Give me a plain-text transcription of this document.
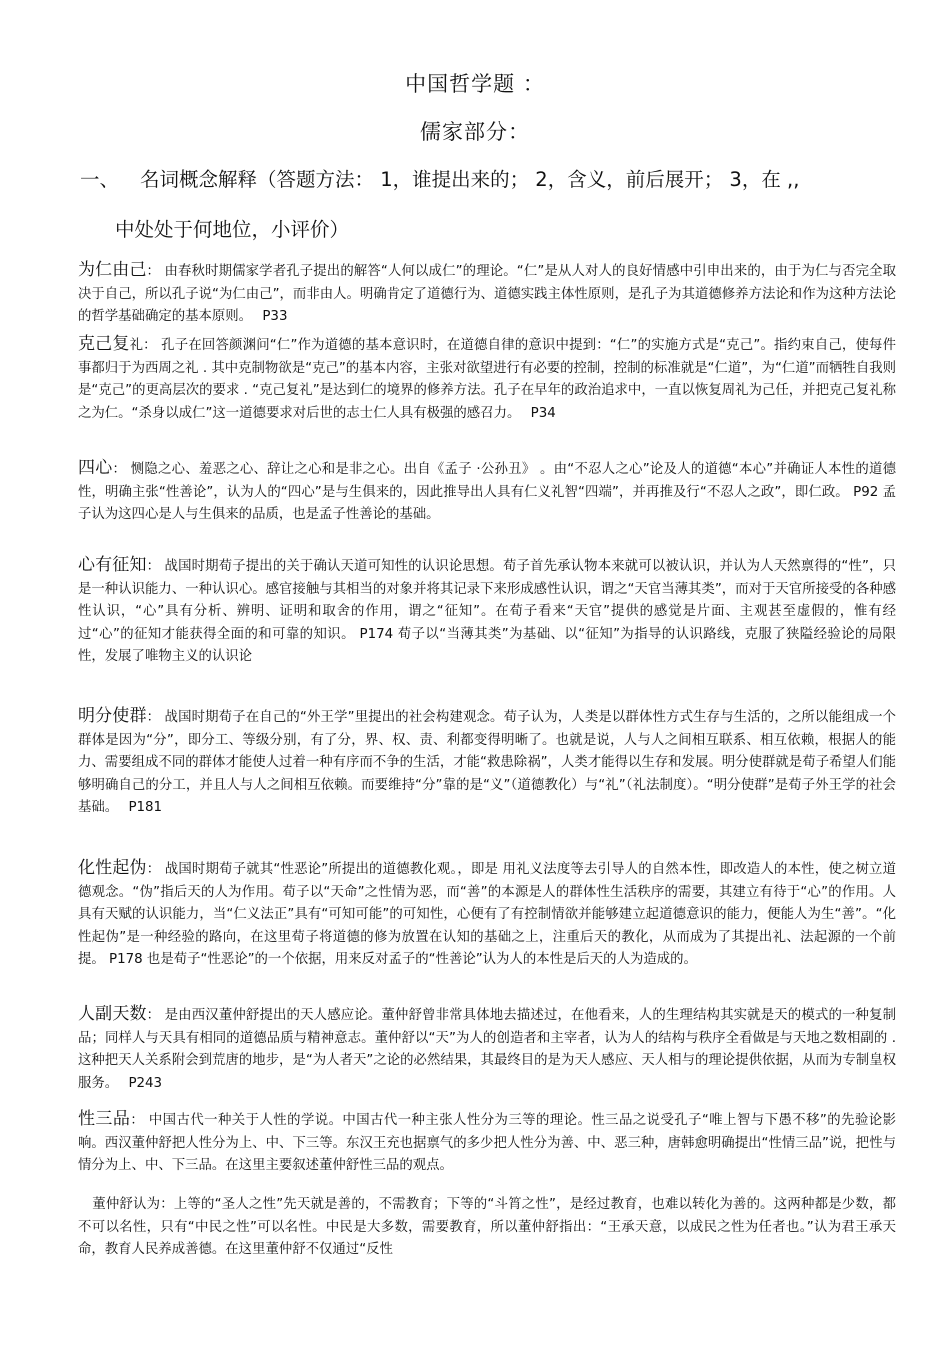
中国哲学题 ：
儒家部分：
一、 名词概念解释（答题方法： 1，谁提出来的； 2，含义，前后展开； 3，在 ,,
中处处于何地位，小评价）
为仁由己： 由春秋时期儒家学者孔子提出的解答“人何以成仁”的理论。“仁”是从人对人的良好情感中引申出来的，由于为仁与否完全取决于自己，所以孔子说“为仁由己”，而非由人。明确肯定了道德行为、道德实践主体性原则，是孔子为其道德修养方法论和作为这种方法论的哲学基础确定的基本原则。 P33
克己复礼： 孔子在回答颜渊问“仁”作为道德的基本意识时，在道德自律的意识中提到：“仁”的实施方式是“克己”。指约束自己，使每件事都归于为西周之礼 . 其中克制物欲是“克己”的基本内容，主张对欲望进行有必要的控制，控制的标准就是“仁道”，为“仁道”而牺牲自我则是“克己”的更高层次的要求 . “克己复礼”是达到仁的境界的修养方法。孔子在早年的政治追求中，一直以恢复周礼为己任，并把克己复礼称之为仁。“杀身以成仁”这一道德要求对后世的志士仁人具有极强的感召力。 P34
四心： 恻隐之心、羞恶之心、辞让之心和是非之心。出自《孟子 ·公孙丑》 。由“不忍人之心”论及人的道德“本心”并确证人本性的道德性，明确主张“性善论”，认为人的“四心”是与生俱来的，因此推导出人具有仁义礼智“四端”，并再推及行“不忍人之政”，即仁政。 P92 孟子认为这四心是人与生俱来的品质，也是孟子性善论的基础。
心有征知： 战国时期荀子提出的关于确认天道可知性的认识论思想。荀子首先承认物本来就可以被认识，并认为人天然禀得的“性”，只是一种认识能力、一种认识心。感官接触与其相当的对象并将其记录下来形成感性认识，谓之“天官当薄其类”，而对于天官所接受的各种感性认识，“心”具有分析、辨明、证明和取舍的作用，谓之“征知”。在荀子看来“天官”提供的感觉是片面、主观甚至虚假的，惟有经过“心”的征知才能获得全面的和可靠的知识。 P174 荀子以“当薄其类”为基础、以“征知”为指导的认识路线，克服了狭隘经验论的局限性，发展了唯物主义的认识论
明分使群： 战国时期荀子在自己的“外王学”里提出的社会构建观念。荀子认为，人类是以群体性方式生存与生活的，之所以能组成一个群体是因为“分”，即分工、等级分别，有了分，界、权、责、利都变得明晰了。也就是说，人与人之间相互联系、相互依赖，根据人的能力、需要组成不同的群体才能使人过着一种有序而不争的生活，才能“救患除祸”，人类才能得以生存和发展。明分使群就是荀子希望人们能够明确自己的分工，并且人与人之间相互依赖。而要维持“分”靠的是“义”（道德教化）与“礼”（礼法制度）。“明分使群”是荀子外王学的社会基础。 P181
化性起伪： 战国时期荀子就其“性恶论”所提出的道德教化观。，即是 用礼义法度等去引导人的自然本性，即改造人的本性，使之树立道德观念。“伪”指后天的人为作用。荀子以“天命”之性情为恶，而“善”的本源是人的群体性生活秩序的需要，其建立有待于“心”的作用。人具有天赋的认识能力，当“仁义法正”具有“可知可能”的可知性，心便有了有控制情欲并能够建立起道德意识的能力，便能人为生“善”。“化性起伪”是一种经验的路向，在这里荀子将道德的修为放置在认知的基础之上，注重后天的教化，从而成为了其提出礼、法起源的一个前提。 P178 也是荀子“性恶论”的一个依据，用来反对孟子的“性善论”认为人的本性是后天的人为造成的。
人副天数： 是由西汉董仲舒提出的天人感应论。董仲舒曾非常具体地去描述过，在他看来，人的生理结构其实就是天的模式的一种复制品；同样人与天具有相同的道德品质与精神意志。董仲舒以“天”为人的创造者和主宰者，认为人的结构与秩序全看做是与天地之数相副的 . 这种把天人关系附会到荒唐的地步，是“为人者天”之论的必然结果，其最终目的是为天人感应、天人相与的理论提供依据，从而为专制皇权服务。 P243
性三品： 中国古代一种关于人性的学说。中国古代一种主张人性分为三等的理论。性三品之说受孔子“唯上智与下愚不移”的先验论影响。西汉董仲舒把人性分为上、中、下三等。东汉王充也据禀气的多少把人性分为善、中、恶三种，唐韩愈明确提出“性情三品”说，把性与情分为上、中、下三品。在这里主要叙述董仲舒性三品的观点。
董仲舒认为：上等的“圣人之性”先天就是善的，不需教育；下等的“斗筲之性”，是经过教育，也难以转化为善的。这两种都是少数，都不可以名性，只有“中民之性”可以名性。中民是大多数，需要教育，所以董仲舒指出：“王承天意，以成民之性为任者也。”认为君王承天命，教育人民养成善德。在这里董仲舒不仅通过“反性
